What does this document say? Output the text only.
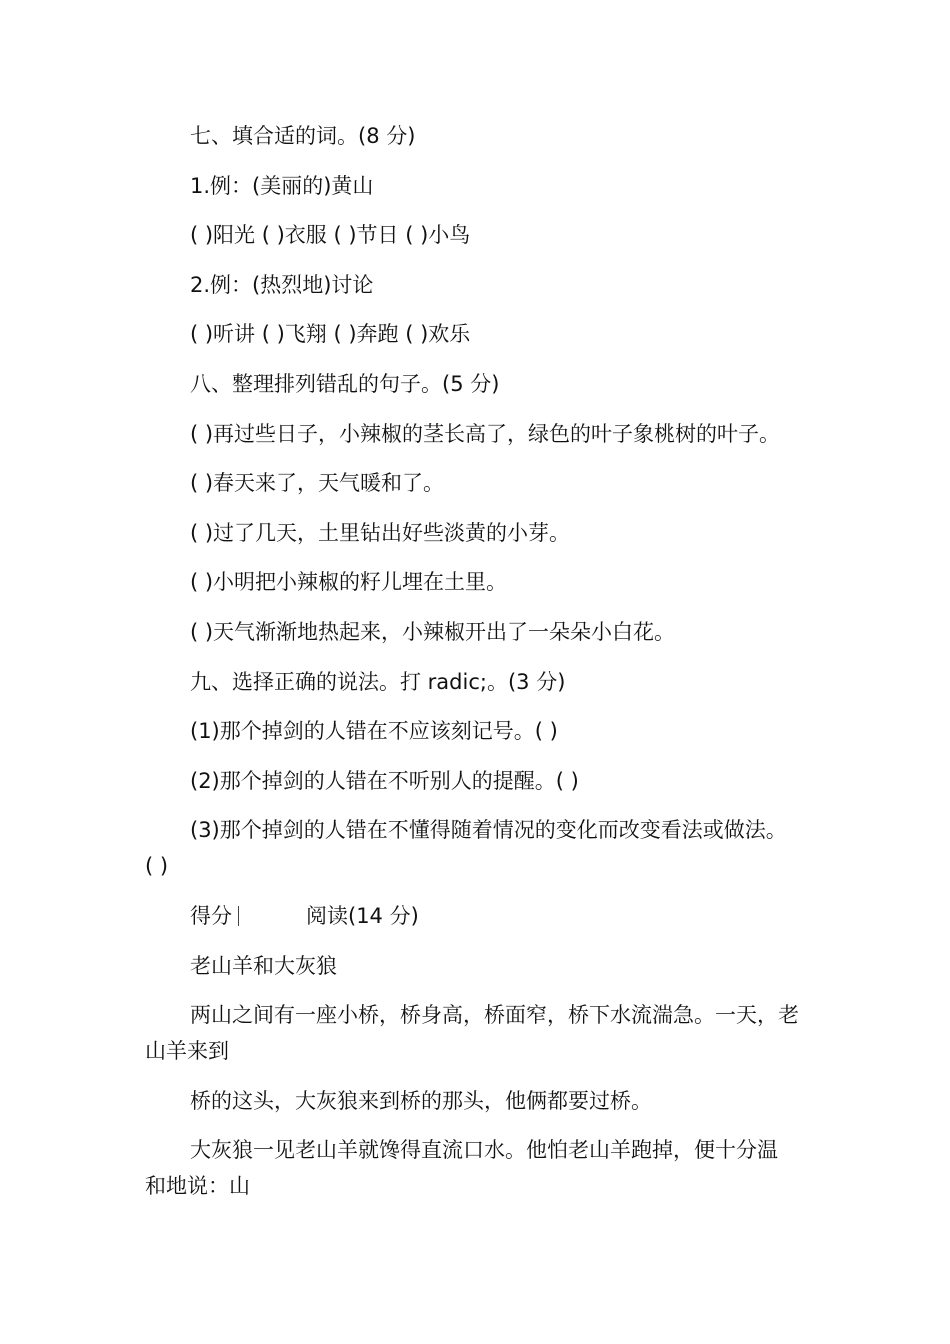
七、填合适的词。(8 分)
1.例：(美丽的)黄山
( )阳光 ( )衣服 ( )节日 ( )小鸟
2.例：(热烈地)讨论
( )听讲 ( )飞翔 ( )奔跑 ( )欢乐
八、整理排列错乱的句子。(5 分)
( )再过些日子，小辣椒的茎长高了，绿色的叶子象桃树的叶子。
( )春天来了，天气暖和了。
( )过了几天，土里钻出好些淡黄的小芽。
( )小明把小辣椒的籽儿埋在土里。
( )天气渐渐地热起来，小辣椒开出了一朵朵小白花。
九、选择正确的说法。打 radic;。(3 分)
(1)那个掉剑的人错在不应该刻记号。( )
(2)那个掉剑的人错在不听别人的提醒。( )
(3)那个掉剑的人错在不懂得随着情况的变化而改变看法或做法。
( )
得分	阅读(14 分)
老山羊和大灰狼
两山之间有一座小桥，桥身高，桥面窄，桥下水流湍急。一天，老
山羊来到
桥的这头，大灰狼来到桥的那头，他俩都要过桥。
大灰狼一见老山羊就馋得直流口水。他怕老山羊跑掉，便十分温
和地说：山
